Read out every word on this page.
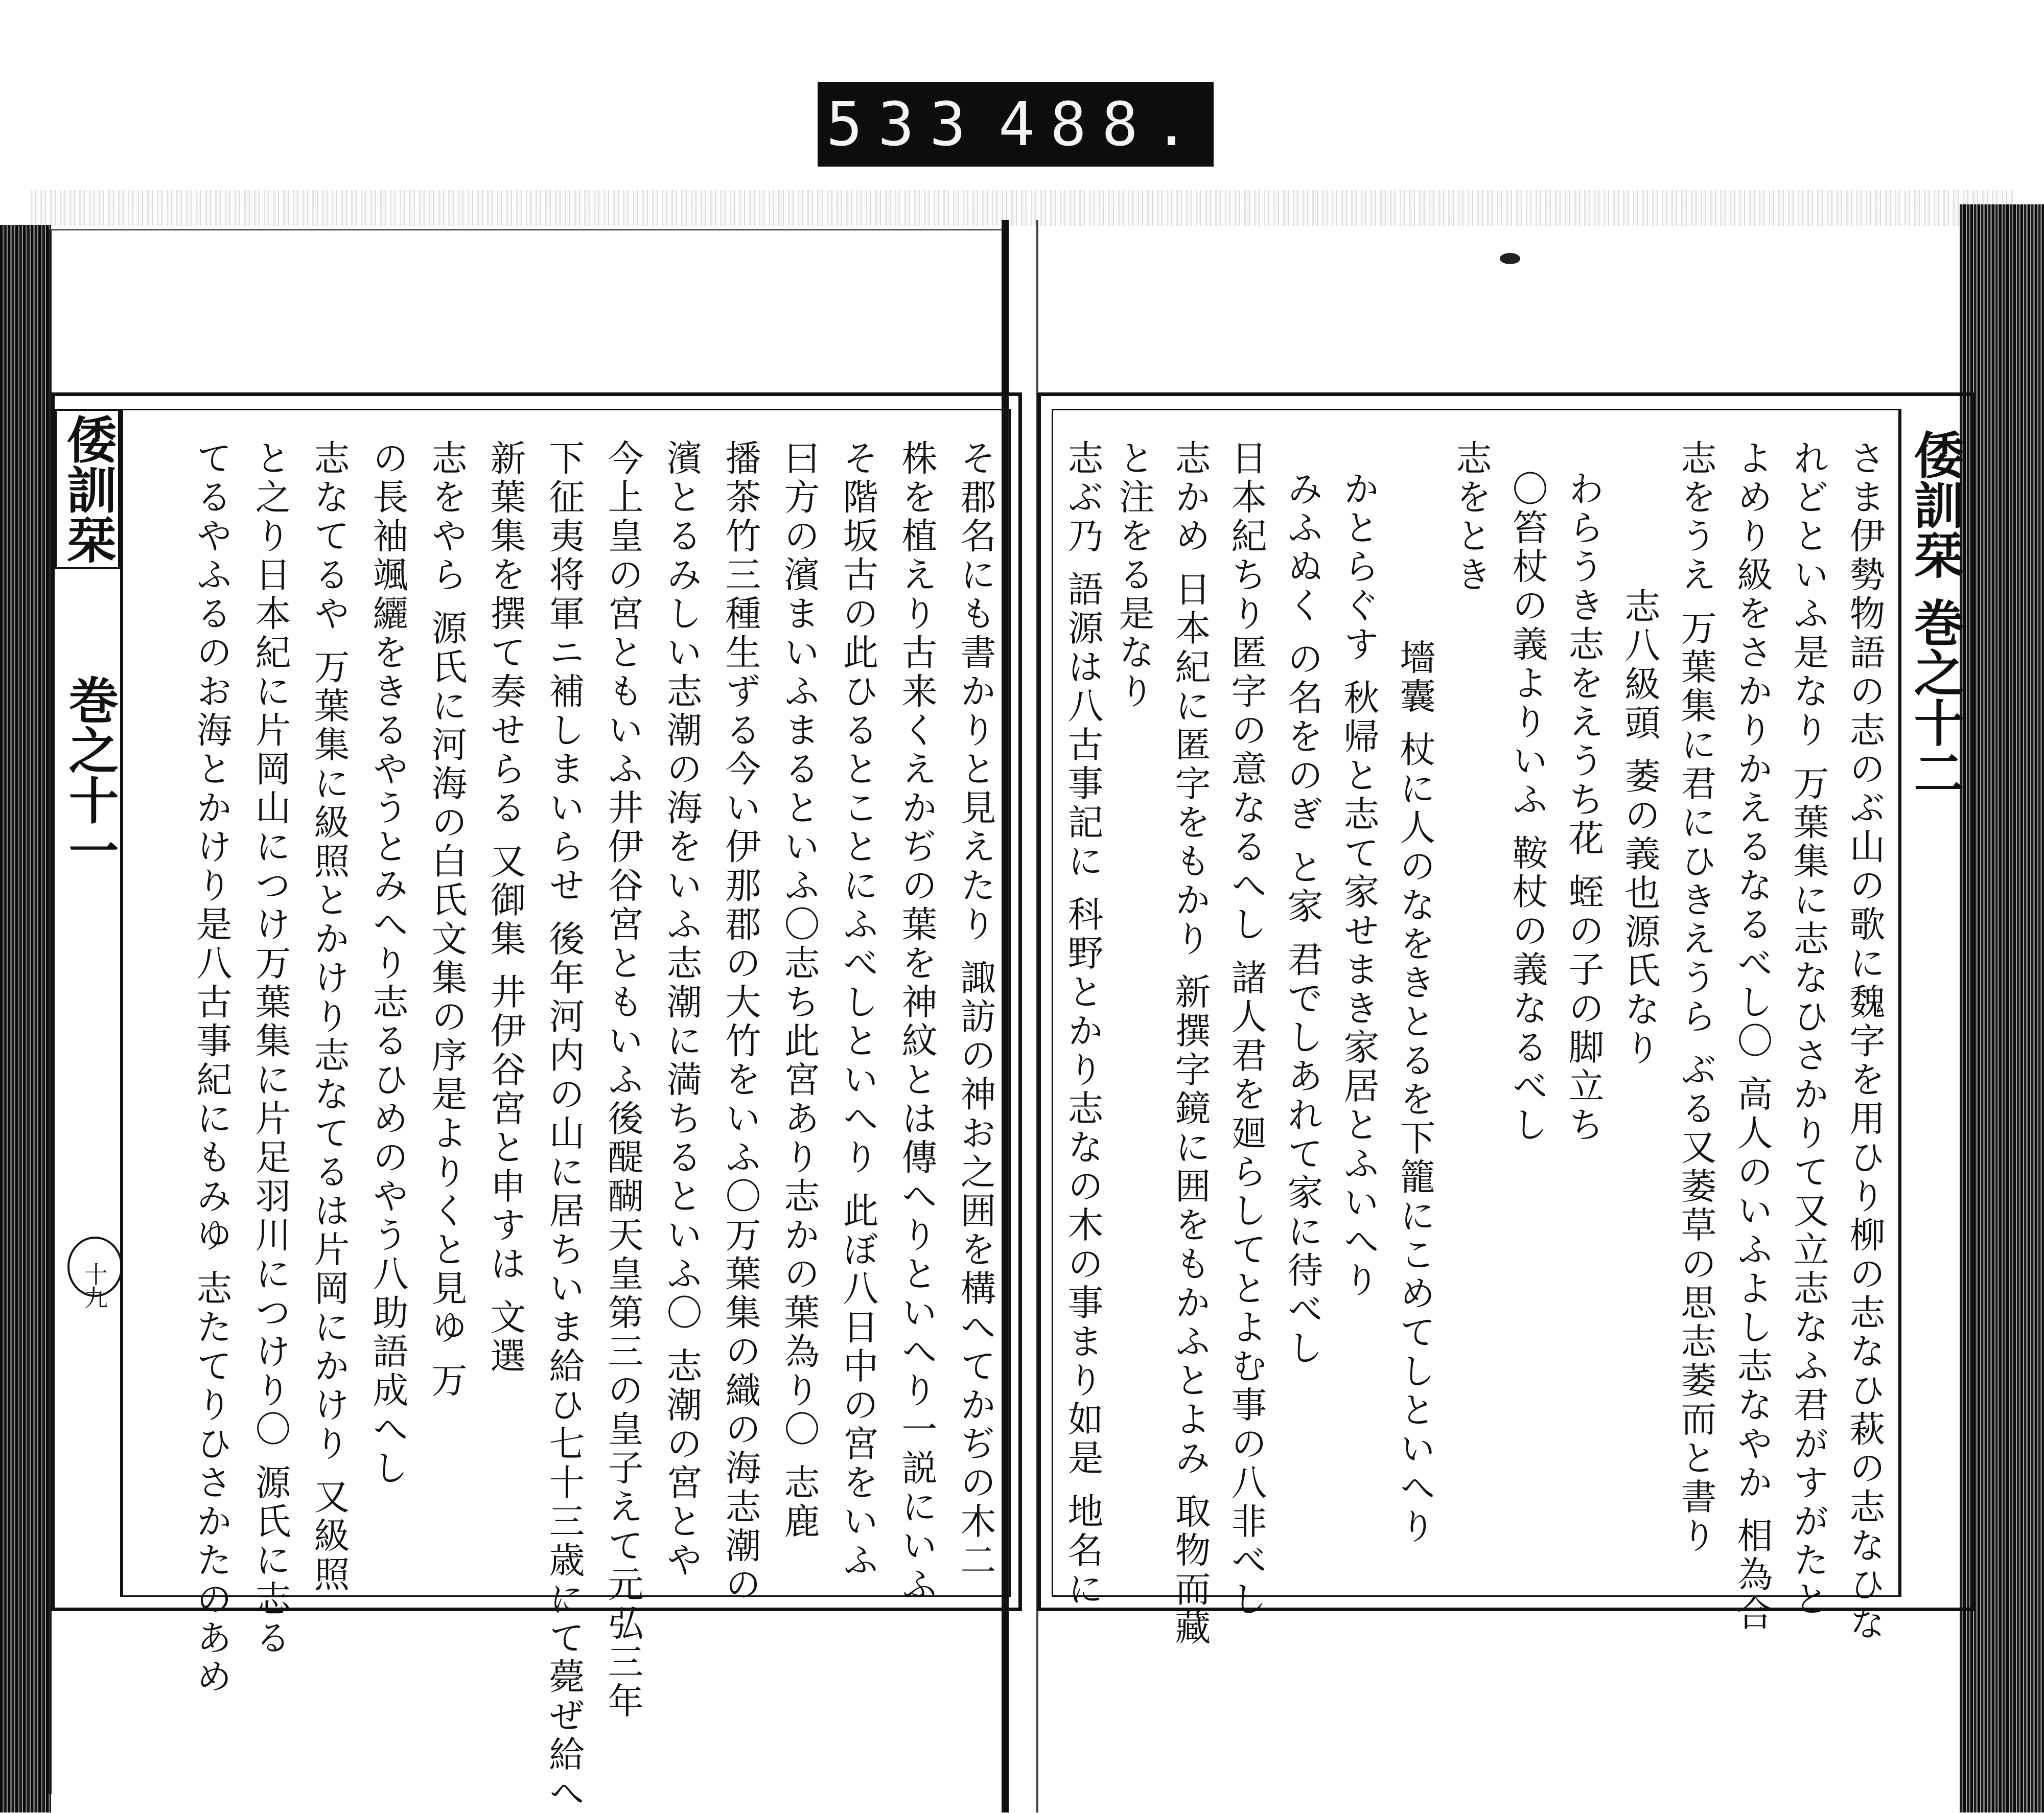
533 488.
倭訓栞
巻之十一
十九	そ郡名にも書かりと見えたり 諏訪の神お之囲を構へてかぢの木二
株を植えり古来くえかぢの葉を神紋とは傳へりといへり一説にいふ
そ階坂古の此ひるとことにふべしといへり 此ぼ八日中の宮をいふ
曰方の濱まいふまるといふ〇志ち此宮あり志かの葉為り〇 志鹿
播茶竹三種生ずる今い伊那郡の大竹をいふ〇万葉集の織の海志潮の
濱とるみしい志潮の海をいふ志潮に満ちるといふ〇 志潮の宮とや
今上皇の宮ともいふ井伊谷宮ともいふ後醍醐天皇第三の皇子えて元弘三年
下征夷将軍ニ補しまいらせ 後年河内の山に居ちいま給ひ七十三歳にて薨ぜ給へ
新葉集を撰て奏せらる 又御集 井伊谷宮と申すは 文選
志をやら 源氏に河海の白氏文集の序是よりくと見ゆ 万
の長袖颯纚をきるやうとみへり志るひめのやう八助語成へし
志なてるや 万葉集に級照とかけり志なてるは片岡にかけり 又級照
と之り日本紀に片岡山につけ万葉集に片足羽川につけり〇 源氏に志る
てるやふるのお海とかけり是八古事紀にもみゆ 志たてりひさかたのあめ	倭訓栞 巻之十二
さま伊勢物語の志のぶ山の歌に魏字を用ひり柳の志なひ萩の志なひな
れどといふ是なり 万葉集に志なひさかりて又立志なふ君がすがたと
よめり級をさかりかえるなるべし〇 高人のいふよし志なやか 相為合
志をうえ 万葉集に君にひきえうら ぶる又萎草の思志萎而と書り
志八級頭 萎の義也源氏なり
わらうき志をえうち花 蛭の子の脚立ち
〇笞杖の義よりいふ 鞍杖の義なるべし
志をとき
墻囊 杖に人のなをきとるを下籠にこめてしといへり
かとらぐす 秋帰と志て家せまき家居とふいへり
みふぬく の名をのぎ と家 君でしあれて家に待べし
日本紀ちり匿字の意なるへし 諸人君を廻らしてとよむ事の八非べし
志かめ 日本紀に匿字をもかり 新撰字鏡に囲をもかふとよみ 取物而藏
と注をる是なり
志ぶ乃 語源は八古事記に 科野とかり志なの木の事まり如是 地名に
